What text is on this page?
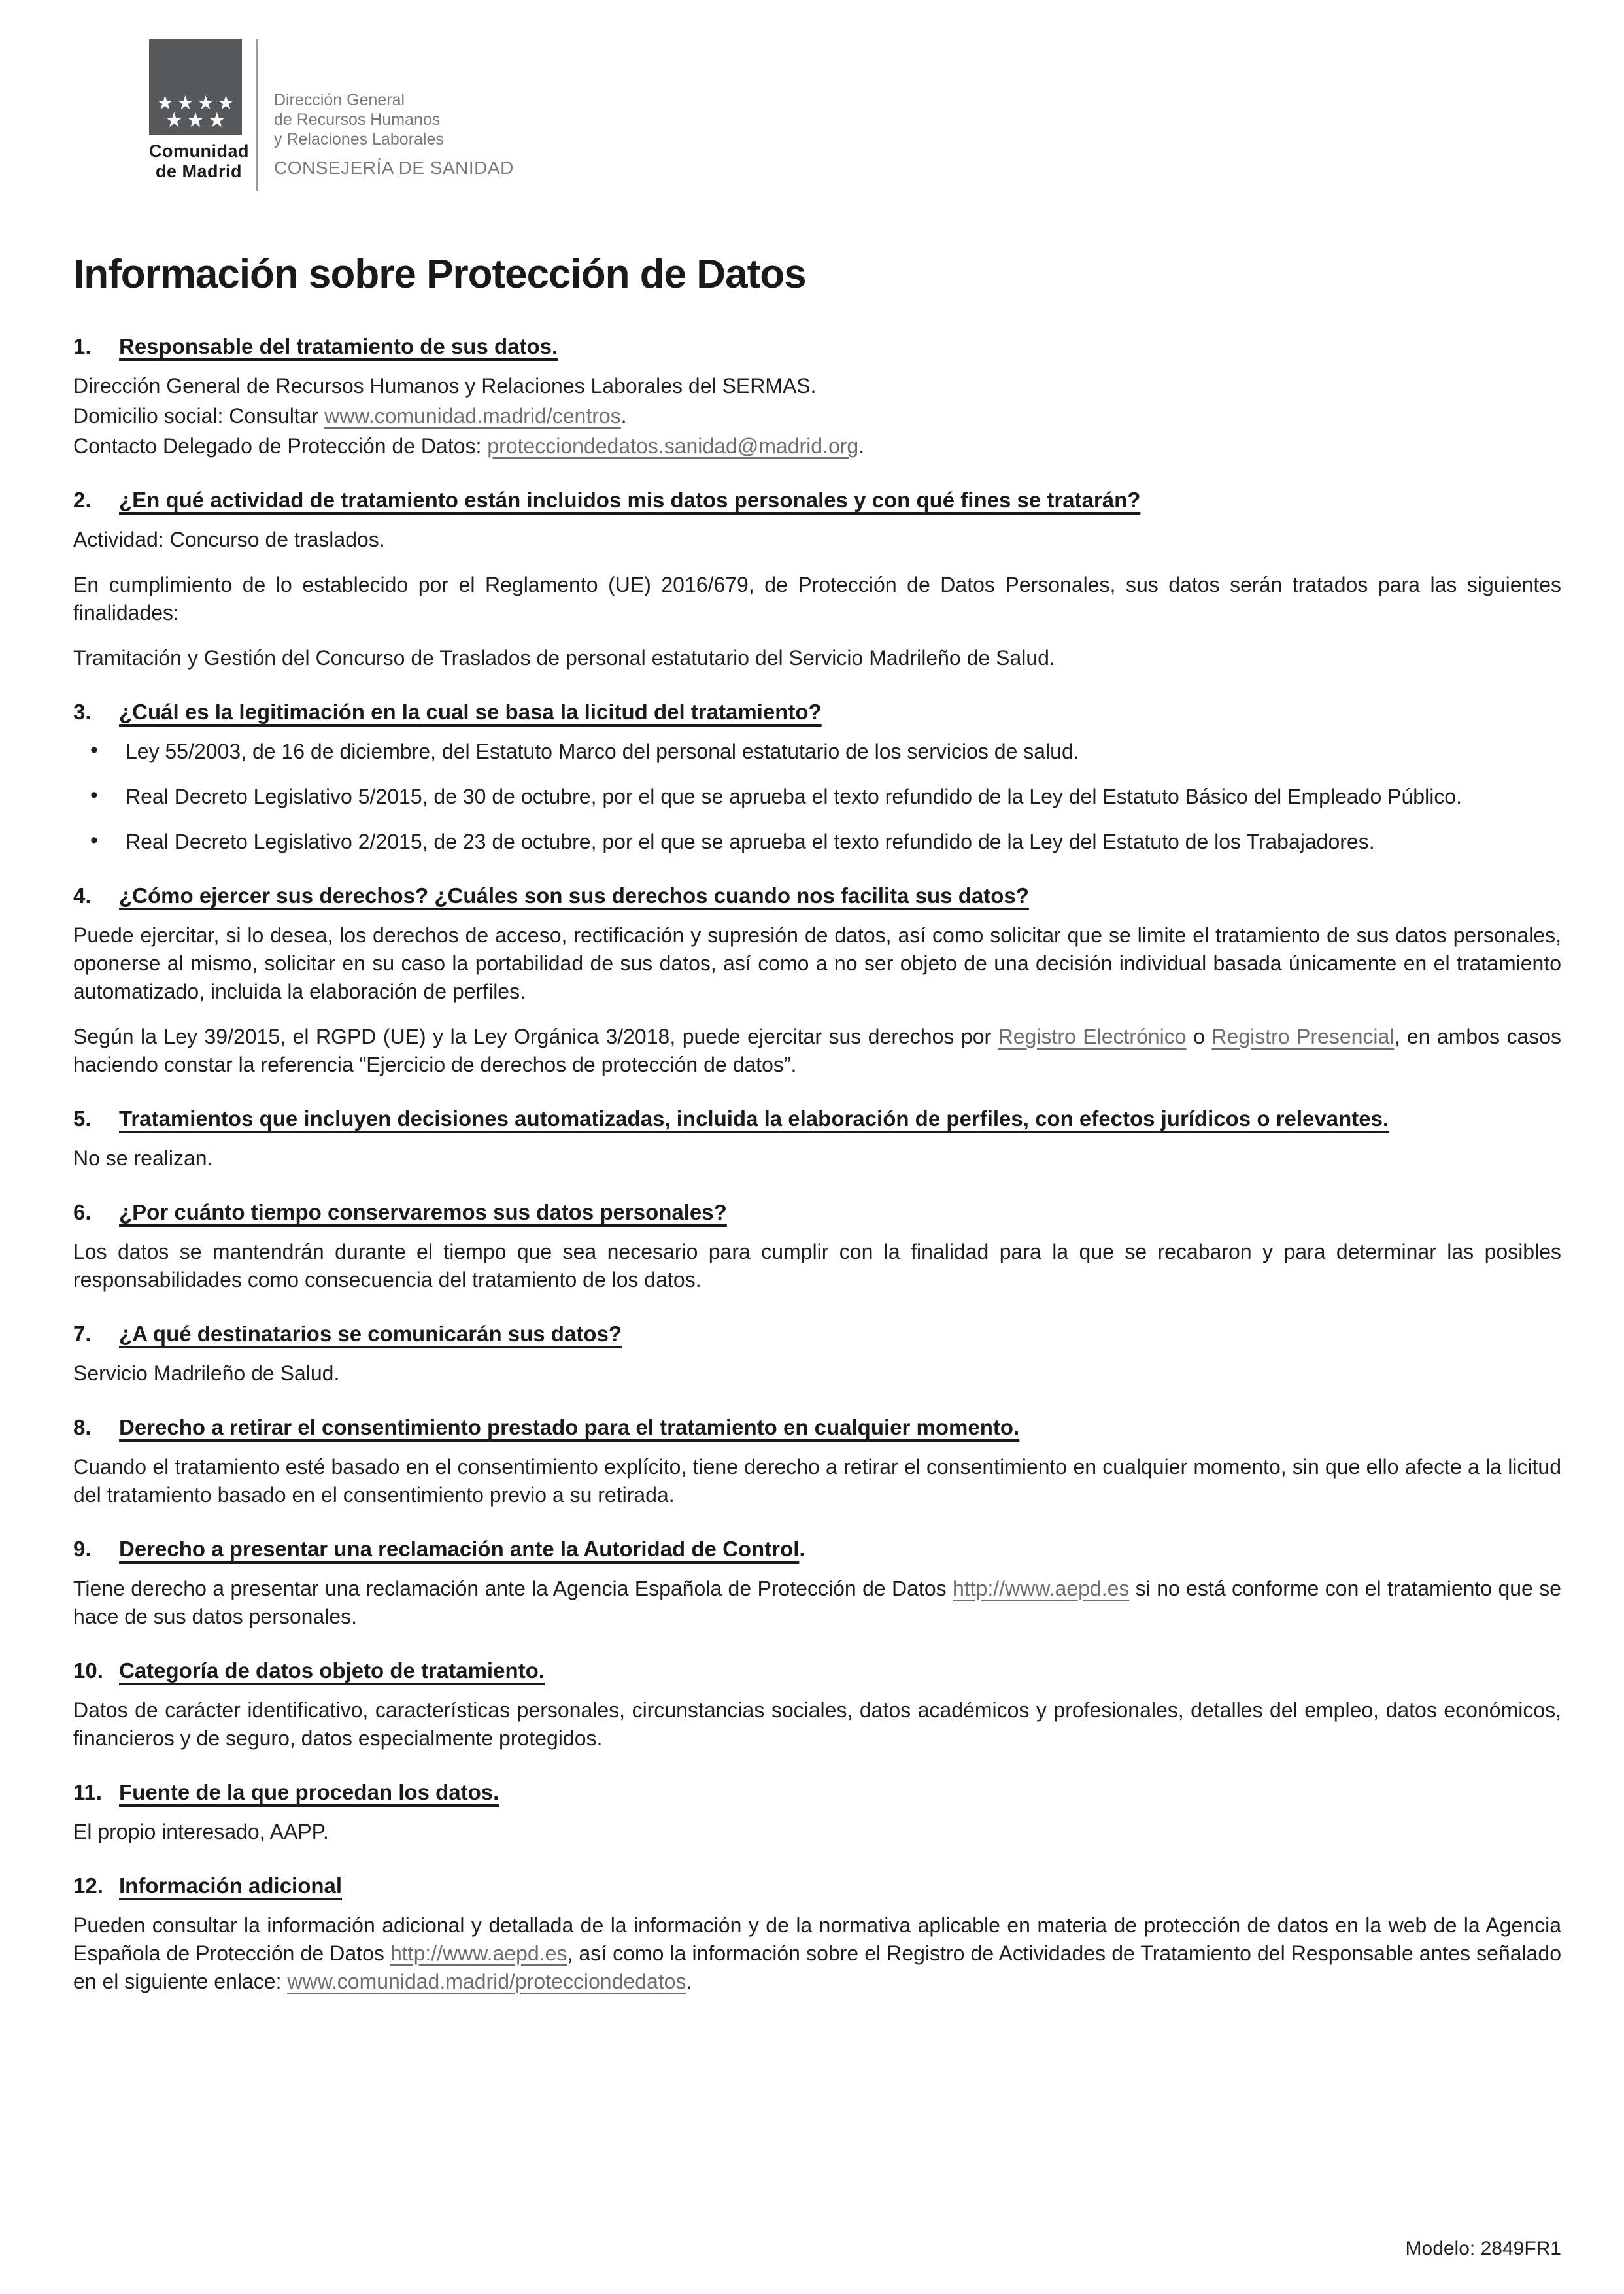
★★★★
★★★
Comunidad
de Madrid
Dirección General
de Recursos Humanos
y Relaciones Laborales
CONSEJERÍA DE SANIDAD
Información sobre Protección de Datos
1. Responsable del tratamiento de sus datos.

Dirección General de Recursos Humanos y Relaciones Laborales del SERMAS.

Domicilio social: Consultar www.comunidad.madrid/centros.

Contacto Delegado de Protección de Datos: protecciondedatos.sanidad@madrid.org.

2. ¿En qué actividad de tratamiento están incluidos mis datos personales y con qué fines se tratarán?

Actividad: Concurso de traslados.

En cumplimiento de lo establecido por el Reglamento (UE) 2016/679, de Protección de Datos Personales, sus datos serán tratados para las siguientes finalidades:

Tramitación y Gestión del Concurso de Traslados de personal estatutario del Servicio Madrileño de Salud.

3. ¿Cuál es la legitimación en la cual se basa la licitud del tratamiento?
• Ley 55/2003, de 16 de diciembre, del Estatuto Marco del personal estatutario de los servicios de salud.
• Real Decreto Legislativo 5/2015, de 30 de octubre, por el que se aprueba el texto refundido de la Ley del Estatuto Básico del Empleado Público.
• Real Decreto Legislativo 2/2015, de 23 de octubre, por el que se aprueba el texto refundido de la Ley del Estatuto de los Trabajadores.
4. ¿Cómo ejercer sus derechos? ¿Cuáles son sus derechos cuando nos facilita sus datos?

Puede ejercitar, si lo desea, los derechos de acceso, rectificación y supresión de datos, así como solicitar que se limite el tratamiento de sus datos personales, oponerse al mismo, solicitar en su caso la portabilidad de sus datos, así como a no ser objeto de una decisión individual basada únicamente en el tratamiento automatizado, incluida la elaboración de perfiles.

Según la Ley 39/2015, el RGPD (UE) y la Ley Orgánica 3/2018, puede ejercitar sus derechos por Registro Electrónico o Registro Presencial, en ambos casos haciendo constar la referencia “Ejercicio de derechos de protección de datos”.

5. Tratamientos que incluyen decisiones automatizadas, incluida la elaboración de perfiles, con efectos jurídicos o relevantes.

No se realizan.

6. ¿Por cuánto tiempo conservaremos sus datos personales?

Los datos se mantendrán durante el tiempo que sea necesario para cumplir con la finalidad para la que se recabaron y para determinar las posibles responsabilidades como consecuencia del tratamiento de los datos.

7. ¿A qué destinatarios se comunicarán sus datos?

Servicio Madrileño de Salud.

8. Derecho a retirar el consentimiento prestado para el tratamiento en cualquier momento.

Cuando el tratamiento esté basado en el consentimiento explícito, tiene derecho a retirar el consentimiento en cualquier momento, sin que ello afecte a la licitud del tratamiento basado en el consentimiento previo a su retirada.

9. Derecho a presentar una reclamación ante la Autoridad de Control.

Tiene derecho a presentar una reclamación ante la Agencia Española de Protección de Datos http://www.aepd.es si no está conforme con el tratamiento que se hace de sus datos personales.

10. Categoría de datos objeto de tratamiento.

Datos de carácter identificativo, características personales, circunstancias sociales, datos académicos y profesionales, detalles del empleo, datos económicos, financieros y de seguro, datos especialmente protegidos.

11. Fuente de la que procedan los datos.

El propio interesado, AAPP.

12. Información adicional

Pueden consultar la información adicional y detallada de la información y de la normativa aplicable en materia de protección de datos en la web de la Agencia Española de Protección de Datos http://www.aepd.es, así como la información sobre el Registro de Actividades de Tratamiento del Responsable antes señalado en el siguiente enlace: www.comunidad.madrid/protecciondedatos.

Modelo: 2849FR1
